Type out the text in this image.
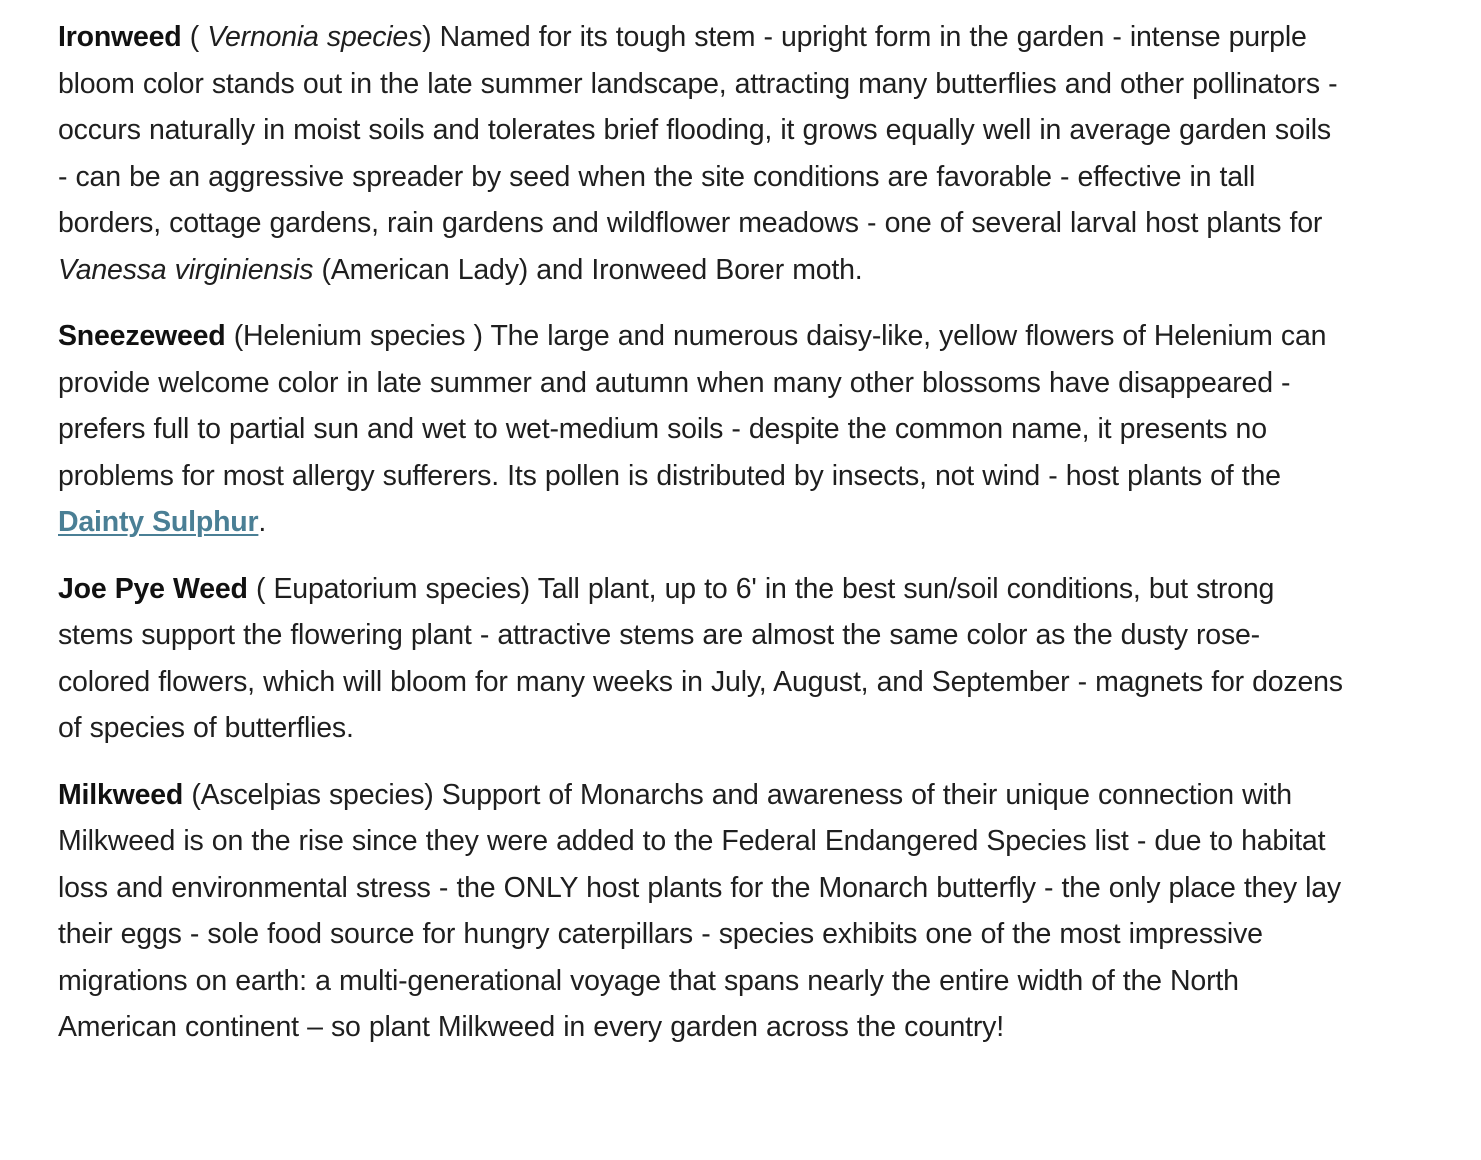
Ironweed ( Vernonia species) Named for its tough stem - upright form in the garden - intense purple bloom color stands out in the late summer landscape, attracting many butterflies and other pollinators - occurs naturally in moist soils and tolerates brief flooding, it grows equally well in average garden soils - can be an aggressive spreader by seed when the site conditions are favorable - effective in tall borders, cottage gardens, rain gardens and wildflower meadows - one of several larval host plants for Vanessa virginiensis (American Lady) and Ironweed Borer moth.

Sneezeweed (Helenium species ) The large and numerous daisy-like, yellow flowers of Helenium can provide welcome color in late summer and autumn when many other blossoms have disappeared - prefers full to partial sun and wet to wet-medium soils - despite the common name, it presents no problems for most allergy sufferers. Its pollen is distributed by insects, not wind - host plants of the Dainty Sulphur.

Joe Pye Weed ( Eupatorium species) Tall plant, up to 6' in the best sun/soil conditions, but strong stems support the flowering plant - attractive stems are almost the same color as the dusty rose-colored flowers, which will bloom for many weeks in July, August, and September - magnets for dozens of species of butterflies.

Milkweed (Ascelpias species) Support of Monarchs and awareness of their unique connection with Milkweed is on the rise since they were added to the Federal Endangered Species list - due to habitat loss and environmental stress - the ONLY host plants for the Monarch butterfly - the only place they lay their eggs - sole food source for hungry caterpillars - species exhibits one of the most impressive migrations on earth: a multi-generational voyage that spans nearly the entire width of the North American continent – so plant Milkweed in every garden across the country!
